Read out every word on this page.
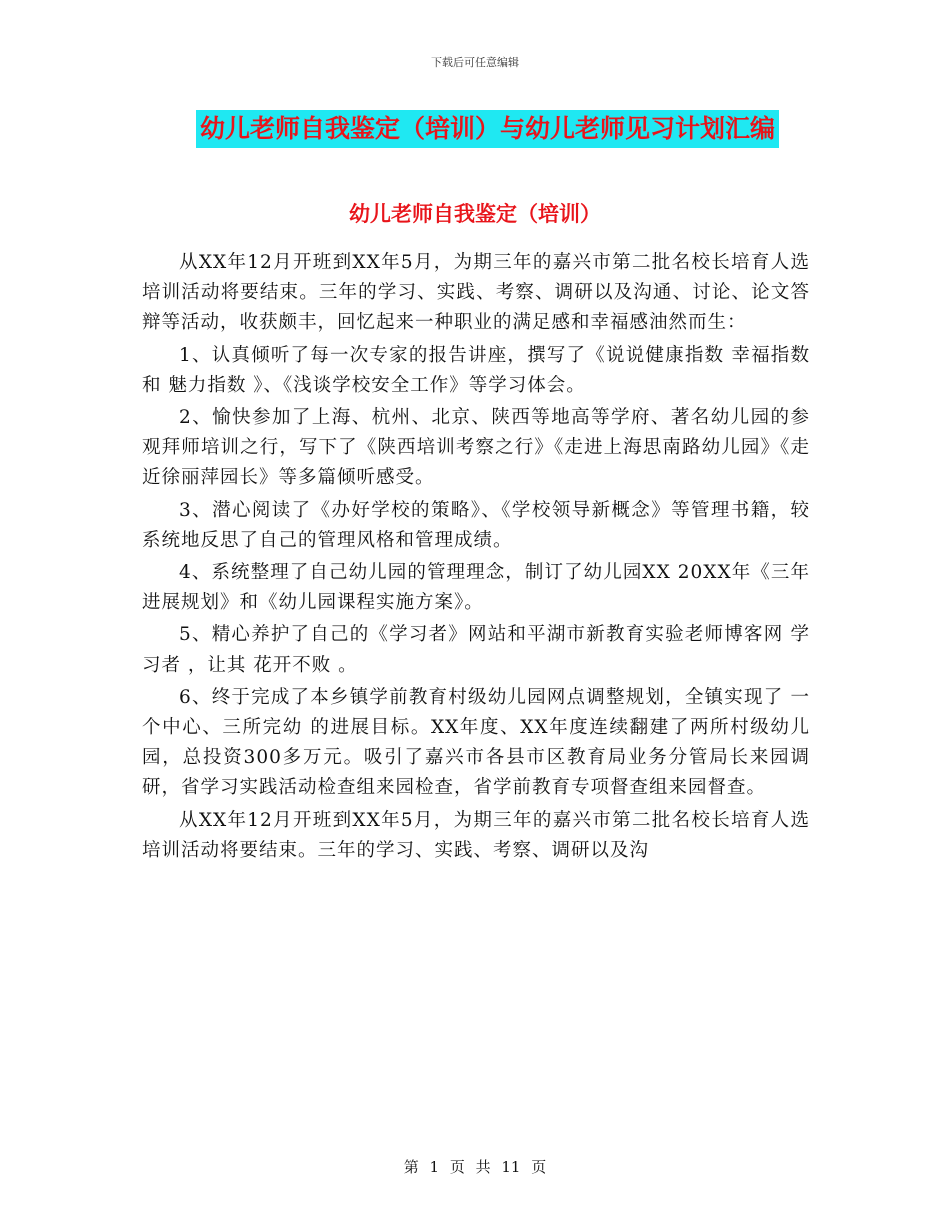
下载后可任意编辑
幼儿老师自我鉴定（培训）与幼儿老师见习计划汇编
幼儿老师自我鉴定（培训）

从XX年12月开班到XX年5月，为期三年的嘉兴市第二批名校长培育人选培训活动将要结束。三年的学习、实践、考察、调研以及沟通、讨论、论文答辩等活动，收获颇丰，回忆起来一种职业的满足感和幸福感油然而生：

1、认真倾听了每一次专家的报告讲座，撰写了《说说健康指数 幸福指数 和 魅力指数 》、《浅谈学校安全工作》等学习体会。

2、愉快参加了上海、杭州、北京、陕西等地高等学府、著名幼儿园的参观拜师培训之行，写下了《陕西培训考察之行》《走进上海思南路幼儿园》《走近徐丽萍园长》等多篇倾听感受。

3、潜心阅读了《办好学校的策略》、《学校领导新概念》等管理书籍，较系统地反思了自己的管理风格和管理成绩。

4、系统整理了自己幼儿园的管理理念，制订了幼儿园XX 20XX年《三年进展规划》和《幼儿园课程实施方案》。

5、精心养护了自己的《学习者》网站和平湖市新教育实验老师博客网 学习者 ，让其 花开不败 。

6、终于完成了本乡镇学前教育村级幼儿园网点调整规划，全镇实现了 一个中心、三所完幼 的进展目标。XX年度、XX年度连续翻建了两所村级幼儿园，总投资300多万元。吸引了嘉兴市各县市区教育局业务分管局长来园调研，省学习实践活动检查组来园检查，省学前教育专项督查组来园督查。

从XX年12月开班到XX年5月，为期三年的嘉兴市第二批名校长培育人选培训活动将要结束。三年的学习、实践、考察、调研以及沟

第 1 页 共 11 页
